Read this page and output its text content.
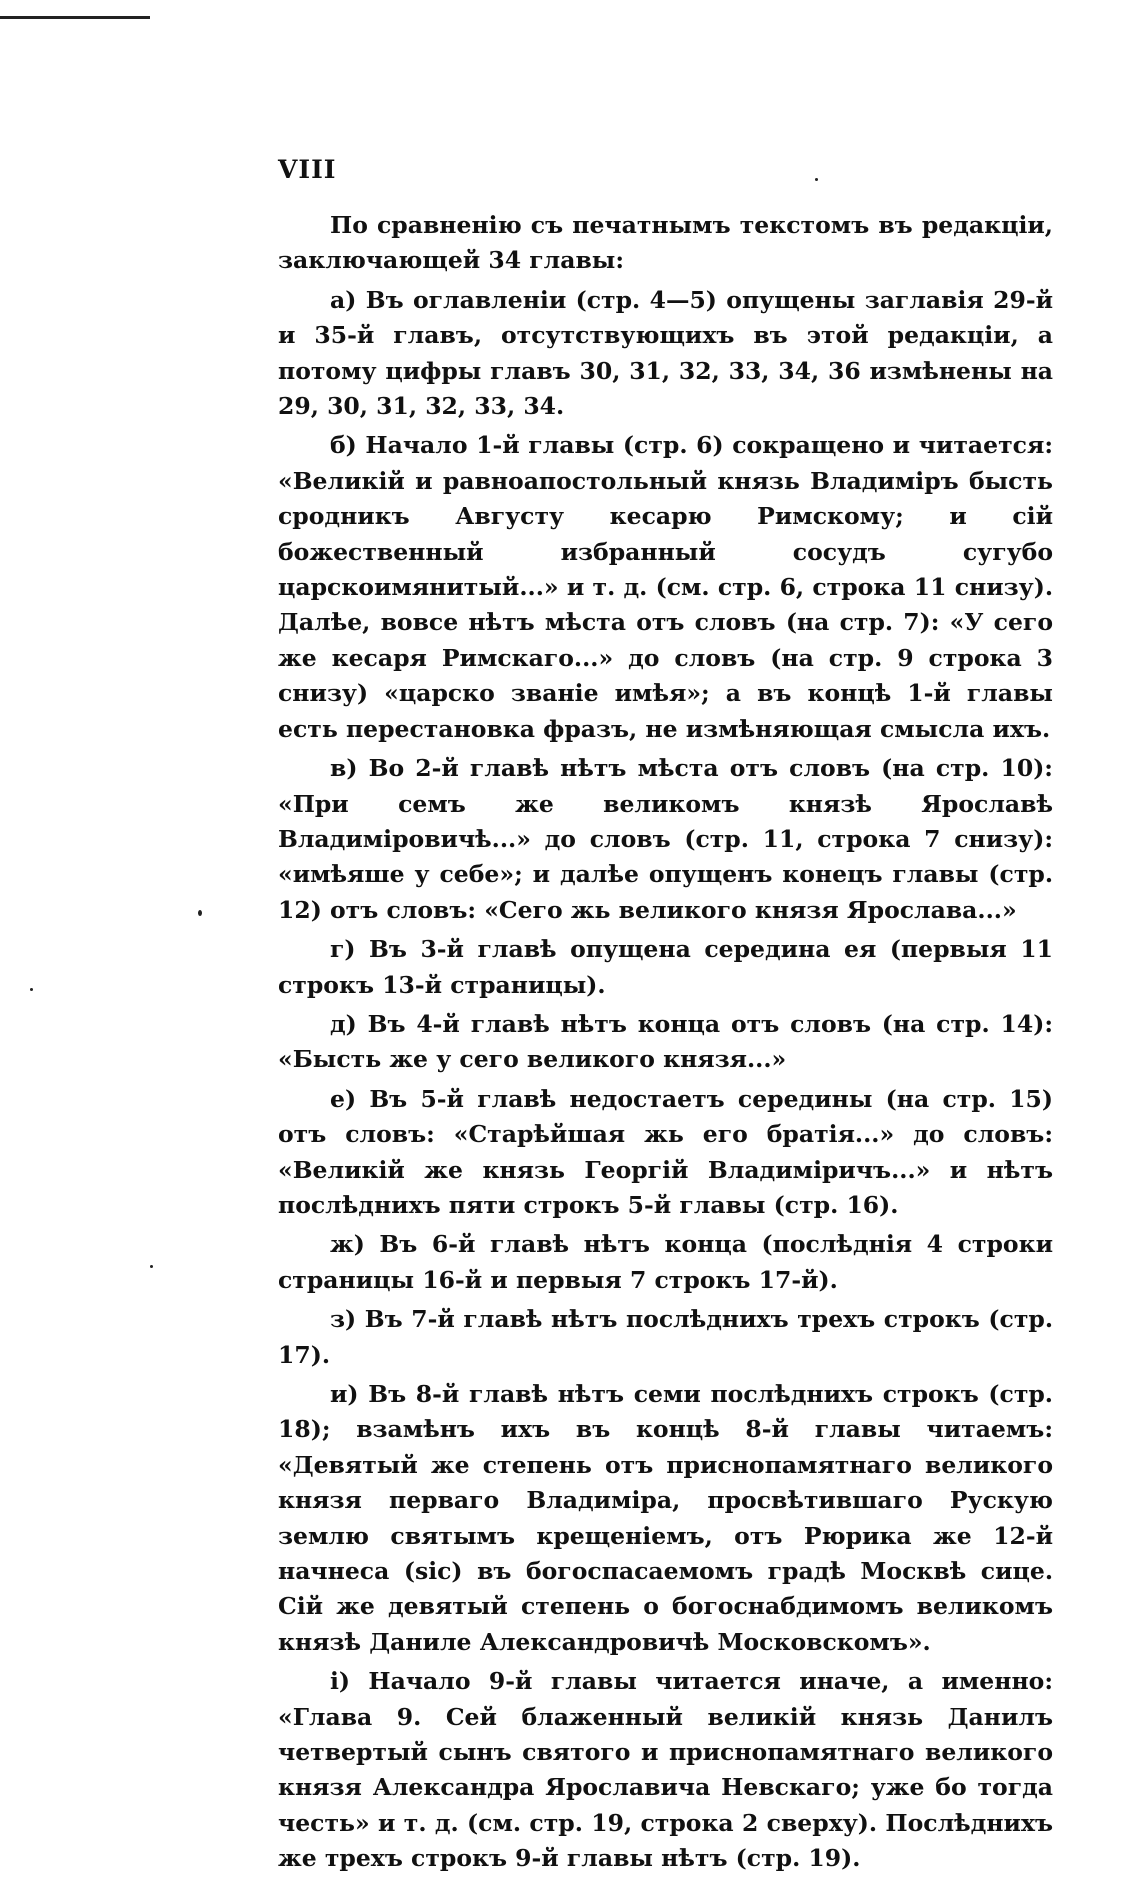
VIII

По сравненію съ печатнымъ текстомъ въ редакціи, заключающей 34 главы:

а) Въ оглавленіи (стр. 4—5) опущены заглавія 29-й и 35-й главъ, отсутствующихъ въ этой редакціи, а потому цифры главъ 30, 31, 32, 33, 34, 36 измѣнены на 29, 30, 31, 32, 33, 34.

б) Начало 1-й главы (стр. 6) сокращено и читается: «Великій и равноапостольный князь Владиміръ бысть сродникъ Августу кесарю Римскому; и сій божественный избранный сосудъ сугубо царскоимянитый...» и т. д. (см. стр. 6, строка 11 снизу). Далѣе, вовсе нѣтъ мѣста отъ словъ (на стр. 7): «У сего же кесаря Римскаго...» до словъ (на стр. 9 строка 3 снизу) «царско званіе имѣя»; а въ концѣ 1-й главы есть перестановка фразъ, не измѣняющая смысла ихъ.

в) Во 2-й главѣ нѣтъ мѣста отъ словъ (на стр. 10): «При семъ же великомъ князѣ Ярославѣ Владиміровичѣ...» до словъ (стр. 11, строка 7 снизу): «имѣяше у себе»; и далѣе опущенъ конецъ главы (стр. 12) отъ словъ: «Сего жь великого князя Ярослава...»

г) Въ 3-й главѣ опущена середина ея (первыя 11 строкъ 13-й страницы).

д) Въ 4-й главѣ нѣтъ конца отъ словъ (на стр. 14): «Бысть же у сего великого князя...»

е) Въ 5-й главѣ недостаетъ середины (на стр. 15) отъ словъ: «Старѣйшая жь его братія...» до словъ: «Великій же князь Георгій Владиміричъ...» и нѣтъ послѣднихъ пяти строкъ 5-й главы (стр. 16).

ж) Въ 6-й главѣ нѣтъ конца (послѣднія 4 строки страницы 16-й и первыя 7 строкъ 17-й).

з) Въ 7-й главѣ нѣтъ послѣднихъ трехъ строкъ (стр. 17).

и) Въ 8-й главѣ нѣтъ семи послѣднихъ строкъ (стр. 18); взамѣнъ ихъ въ концѣ 8-й главы читаемъ: «Девятый же степень отъ приснопамятнаго великого князя перваго Владиміра, просвѣтившаго Рускую землю святымъ крещеніемъ, отъ Рюрика же 12-й начнеса (sic) въ богоспасаемомъ градѣ Москвѣ сице. Сій же девятый степень о богоснабдимомъ великомъ князѣ Даниле Александровичѣ Московскомъ».

і) Начало 9-й главы читается иначе, а именно: «Глава 9. Сей блаженный великій князь Данилъ четвертый сынъ святого и приснопамятнаго великого князя Александра Ярославича Невскаго; уже бо тогда честь» и т. д. (см. стр. 19, строка 2 сверху). Послѣднихъ же трехъ строкъ 9-й главы нѣтъ (стр. 19).
